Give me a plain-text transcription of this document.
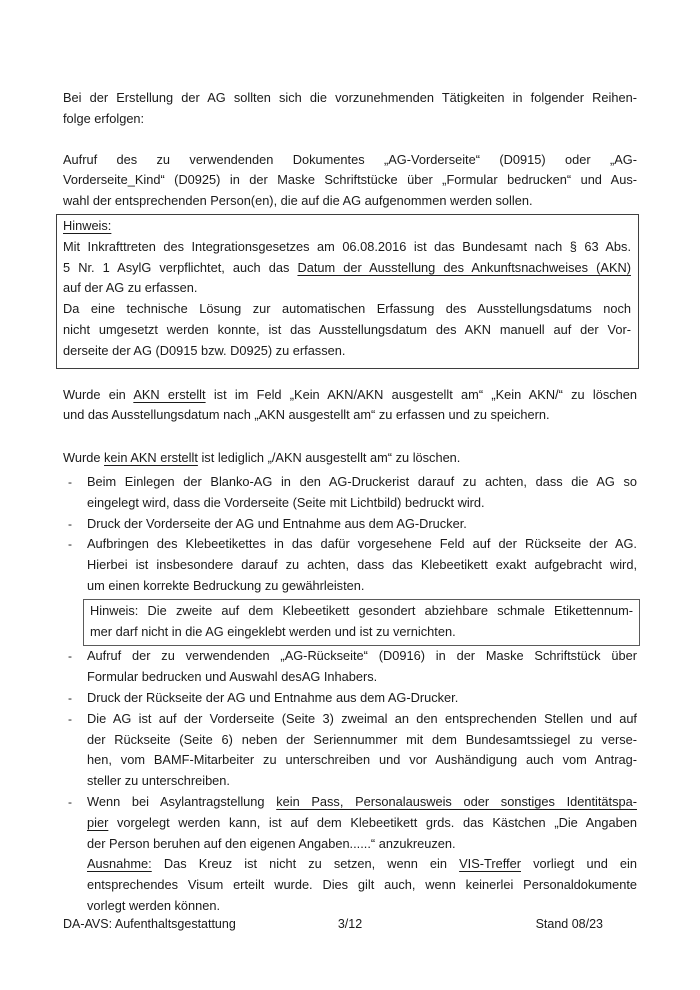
Bei der Erstellung der AG sollten sich die vorzunehmenden Tätigkeiten in folgender Reihen-
folge erfolgen:
Aufruf des zu verwendenden Dokumentes „AG-Vorderseite“ (D0915) oder „AG-
Vorderseite_Kind“ (D0925) in der Maske Schriftstücke über „Formular bedrucken“ und Aus-
wahl der entsprechenden Person(en), die auf die AG aufgenommen werden sollen.
Hinweis:
Mit Inkrafttreten des Integrationsgesetzes am 06.08.2016 ist das Bundesamt nach § 63 Abs.
5 Nr. 1 AsylG verpflichtet, auch das Datum der Ausstellung des Ankunftsnachweises (AKN)
auf der AG zu erfassen.
Da eine technische Lösung zur automatischen Erfassung des Ausstellungsdatums noch
nicht umgesetzt werden konnte, ist das Ausstellungsdatum des AKN manuell auf der Vor-
derseite der AG (D0915 bzw. D0925) zu erfassen.
Wurde ein AKN erstellt ist im Feld „Kein AKN/AKN ausgestellt am“ „Kein AKN/“ zu löschen
und das Ausstellungsdatum nach „AKN ausgestellt am“ zu erfassen und zu speichern.
Wurde kein AKN erstellt ist lediglich „/AKN ausgestellt am“ zu löschen.
- Beim Einlegen der Blanko-AG in den AG-Druckerist darauf zu achten, dass die AG so
eingelegt wird, dass die Vorderseite (Seite mit Lichtbild) bedruckt wird.
- Druck der Vorderseite der AG und Entnahme aus dem AG-Drucker.
- Aufbringen des Klebeetikettes in das dafür vorgesehene Feld auf der Rückseite der AG.
Hierbei ist insbesondere darauf zu achten, dass das Klebeetikett exakt aufgebracht wird,
um einen korrekte Bedruckung zu gewährleisten.
Hinweis: Die zweite auf dem Klebeetikett gesondert abziehbare schmale Etikettennum-
mer darf nicht in die AG eingeklebt werden und ist zu vernichten.
- Aufruf der zu verwendenden „AG-Rückseite“ (D0916) in der Maske Schriftstück über
Formular bedrucken und Auswahl desAG Inhabers.
- Druck der Rückseite der AG und Entnahme aus dem AG-Drucker.
- Die AG ist auf der Vorderseite (Seite 3) zweimal an den entsprechenden Stellen und auf
der Rückseite (Seite 6) neben der Seriennummer mit dem Bundesamtssiegel zu verse-
hen, vom BAMF-Mitarbeiter zu unterschreiben und vor Aushändigung auch vom Antrag-
steller zu unterschreiben.
- Wenn bei Asylantragstellung kein Pass, Personalausweis oder sonstiges Identitätspa-
pier vorgelegt werden kann, ist auf dem Klebeetikett grds. das Kästchen „Die Angaben
der Person beruhen auf den eigenen Angaben......“ anzukreuzen.
Ausnahme: Das Kreuz ist nicht zu setzen, wenn ein VIS-Treffer vorliegt und ein
entsprechendes Visum erteilt wurde. Dies gilt auch, wenn keinerlei Personaldokumente
vorlegt werden können.
DA-AVS: Aufenthaltsgestattung	3/12	Stand 08/23
